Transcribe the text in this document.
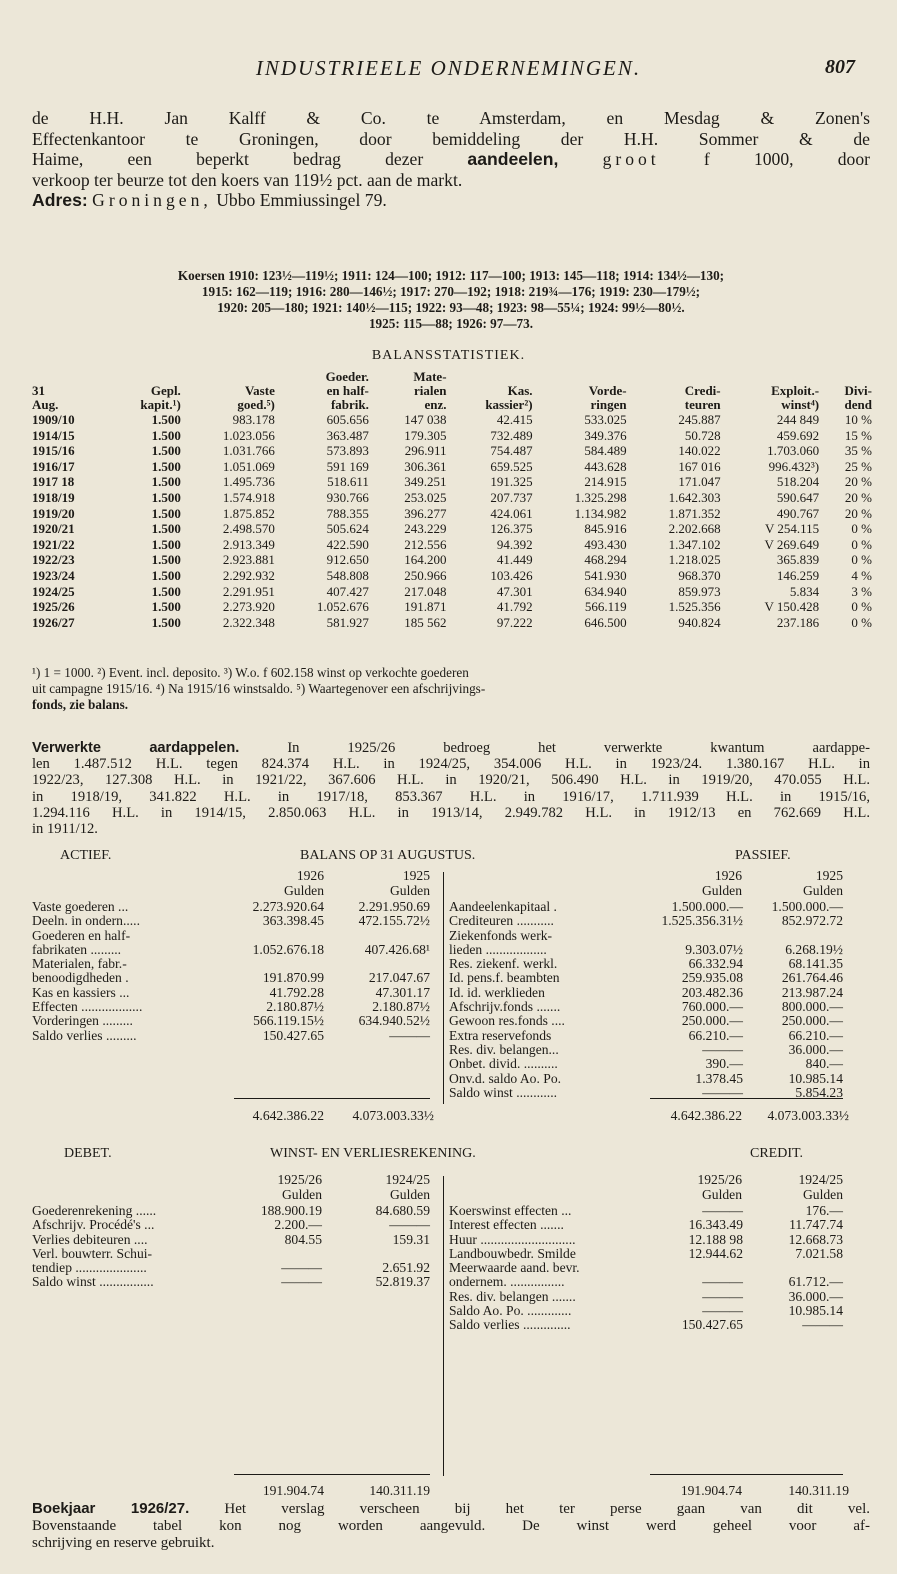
INDUSTRIEELE ONDERNEMINGEN.	807
de H.H. Jan Kalff & Co. te Amsterdam, en Mesdag & Zonen's
Effectenkantoor te Groningen, door bemiddeling der H.H. Sommer & de
Haime, een beperkt bedrag dezer	aandeelen,	groot	f 1000, door
verkoop ter beurze tot den koers van 119½ pct. aan de markt.
Adres: Groningen, Ubbo Emmiussingel 79.
Koersen 1910: 123½—119½; 1911: 124—100; 1912: 117—100; 1913: 145—118; 1914: 134½—130;
1915: 162—119; 1916: 280—146½; 1917: 270—192; 1918: 219¾—176; 1919: 230—179½;
1920: 205—180; 1921: 140½—115; 1922: 93—48; 1923: 98—55¼; 1924: 99½—80½.
1925: 115—88; 1926: 97—73.
BALANSSTATISTIEK.
			Goeder.	Mate-					
31	Gepl.	Vaste	en half-	rialen	Kas.	Vorde-	Credi-	Exploit.-	Divi-
Aug.	kapit.¹)	goed.⁵)	fabrik.	enz.	kassier²)	ringen	teuren	winst⁴)	dend
1909/10	1.500	983.178	605.656	147 038	42.415	533.025	245.887	244 849	10 %
1914/15	1.500	1.023.056	363.487	179.305	732.489	349.376	50.728	459.692	15 %
1915/16	1.500	1.031.766	573.893	296.911	754.487	584.489	140.022	1.703.060	35 %
1916/17	1.500	1.051.069	591 169	306.361	659.525	443.628	167 016	996.432³)	25 %
1917 18	1.500	1.495.736	518.611	349.251	191.325	214.915	171.047	518.204	20 %
1918/19	1.500	1.574.918	930.766	253.025	207.737	1.325.298	1.642.303	590.647	20 %
1919/20	1.500	1.875.852	788.355	396.277	424.061	1.134.982	1.871.352	490.767	20 %
1920/21	1.500	2.498.570	505.624	243.229	126.375	845.916	2.202.668	V 254.115	0 %
1921/22	1.500	2.913.349	422.590	212.556	94.392	493.430	1.347.102	V 269.649	0 %
1922/23	1.500	2.923.881	912.650	164.200	41.449	468.294	1.218.025	365.839	0 %
1923/24	1.500	2.292.932	548.808	250.966	103.426	541.930	968.370	146.259	4 %
1924/25	1.500	2.291.951	407.427	217.048	47.301	634.940	859.973	5.834	3 %
1925/26	1.500	2.273.920	1.052.676	191.871	41.792	566.119	1.525.356	V 150.428	0 %
1926/27	1.500	2.322.348	581.927	185 562	97.222	646.500	940.824	237.186	0 %
¹) 1 = 1000. ²) Event. incl. deposito. ³) W.o. f 602.158 winst op verkochte goederen
uit campagne 1915/16. ⁴) Na 1915/16 winstsaldo. ⁵) Waartegenover een afschrijvings-
fonds, zie balans.
Verwerkte aardappelen.	In 1925/26 bedroeg het verwerkte kwantum aardappe-
len 1.487.512 H.L. tegen 824.374 H.L. in 1924/25, 354.006 H.L. in 1923/24. 1.380.167 H.L. in
1922/23, 127.308 H.L. in 1921/22, 367.606 H.L. in 1920/21, 506.490 H.L. in 1919/20, 470.055 H.L.
in 1918/19, 341.822 H.L. in 1917/18, 853.367 H.L. in 1916/17, 1.711.939 H.L. in 1915/16,
1.294.116 H.L. in 1914/15, 2.850.063 H.L. in 1913/14, 2.949.782 H.L. in 1912/13 en 762.669 H.L.
in 1911/12.
ACTIEF.	BALANS OP 31 AUGUSTUS.	PASSIEF.
1926	1925
Gulden	Gulden
1926	1925
Gulden	Gulden
Vaste goederen ...	2.273.920.64	2.291.950.69
Deeln. in ondern.....	363.398.45	472.155.72½
Goederen en half-		
fabrikaten .........	1.052.676.18	407.426.68¹
Materialen, fabr.-		
benoodigdheden .	191.870.99	217.047.67
Kas en kassiers ...	41.792.28	47.301.17
Effecten ..................	2.180.87½	2.180.87½
Vorderingen .........	566.119.15½	634.940.52½
Saldo verlies .........	150.427.65	———
Aandeelenkapitaal .	1.500.000.—	1.500.000.—
Crediteuren ...........	1.525.356.31½	852.972.72
Ziekenfonds werk-		
lieden ..................	9.303.07½	6.268.19½
Res. ziekenf. werkl.	66.332.94	68.141.35
Id. pens.f. beambten	259.935.08	261.764.46
Id. id. werklieden	203.482.36	213.987.24
Afschrijv.fonds .......	760.000.—	800.000.—
Gewoon res.fonds ....	250.000.—	250.000.—
Extra reservefonds	66.210.—	66.210.—
Res. div. belangen...	———	36.000.—
Onbet. divid. ..........	390.—	840.—
Onv.d. saldo Ao. Po.	1.378.45	10.985.14
Saldo winst ............	———	5.854.23
4.642.386.22	4.073.003.33½	4.642.386.22	4.073.003.33½
DEBET.	WINST- EN VERLIESREKENING.	CREDIT.
1925/26	1924/25
Gulden	Gulden
1925/26	1924/25
Gulden	Gulden
Goederenrekening ......	188.900.19	84.680.59
Afschrijv. Procédé's ...	2.200.—	———
Verlies debiteuren ....	804.55	159.31
Verl. bouwterr. Schui-		
tendiep .....................	———	2.651.92
Saldo winst ................	———	52.819.37
Koerswinst effecten ...	———	176.—
Interest effecten .......	16.343.49	11.747.74
Huur ............................	12.188 98	12.668.73
Landbouwbedr. Smilde	12.944.62	7.021.58
Meerwaarde aand. bevr.		
ondernem. ................	———	61.712.—
Res. div. belangen .......	———	36.000.—
Saldo Ao. Po. .............	———	10.985.14
Saldo verlies ..............	150.427.65	———
191.904.74	140.311.19	191.904.74	140.311.19
Boekjaar 1926/27. Het verslag verscheen bij het ter perse gaan van dit vel.
Bovenstaande tabel kon nog worden aangevuld. De winst werd geheel voor af-
schrijving en reserve gebruikt.
